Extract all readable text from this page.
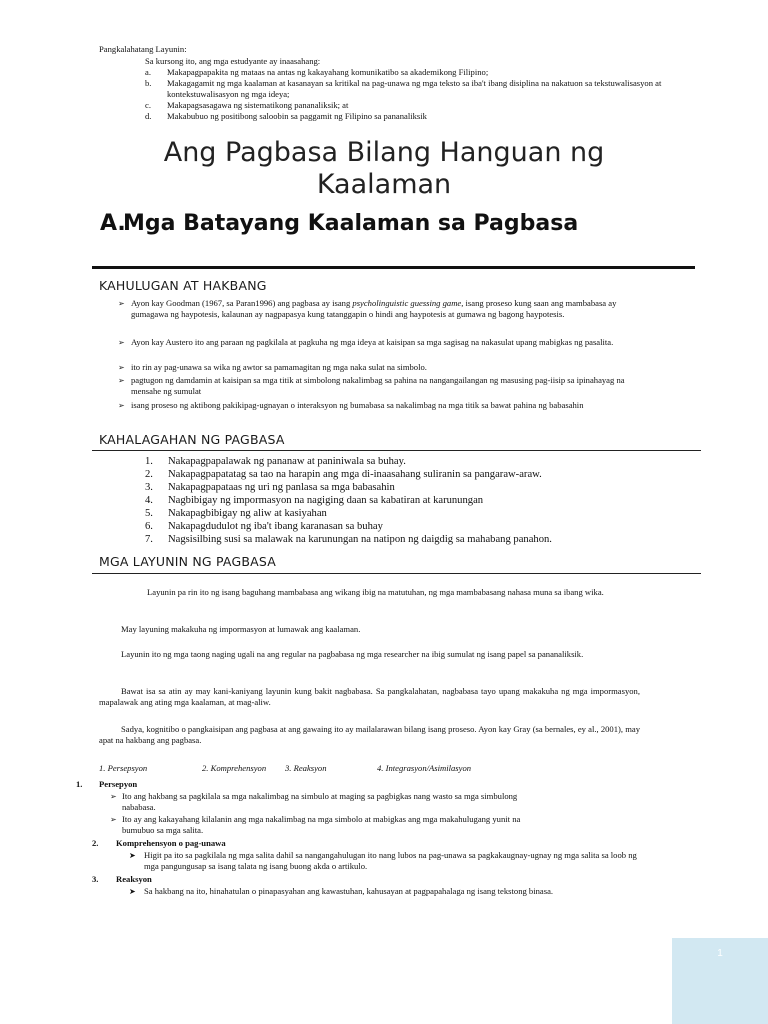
Pangkalahatang Layunin:
Sa kursong ito, ang mga estudyante ay inaasahang:
a. Makapagpapakita ng mataas na antas ng kakayahang komunikatibo sa akademikong Filipino;
b. Makagagamit ng mga kaalaman at kasanayan sa kritikal na pag-unawa ng mga teksto sa iba't ibang disiplina na nakatuon sa tekstuwalisasyon at kontekstuwalisasyon ng mga ideya;
c. Makapagsasagawa ng sistematikong pananaliksik; at
d. Makabubuo ng positibong saloobin sa paggamit ng Filipino sa pananaliksik
Ang Pagbasa Bilang Hanguan ng Kaalaman
A.
Mga Batayang Kaalaman sa Pagbasa
KAHULUGAN AT HAKBANG
➢ Ayon kay Goodman (1967, sa Paran1996) ang pagbasa ay isang psycholinguistic guessing game, isang proseso kung saan ang mambabasa ay gumagawa ng haypotesis, kalaunan ay nagpapasya kung tatanggapin o hindi ang haypotesis at gumawa ng bagong haypotesis.
➢ Ayon kay Austero ito ang paraan ng pagkilala at pagkuha ng mga ideya at kaisipan sa mga sagisag na nakasulat upang mabigkas ng pasalita.
➢ ito rin ay pag-unawa sa wika ng awtor sa pamamagitan ng mga naka sulat na simbolo.
➢ pagtugon ng damdamin at kaisipan sa mga titik at simbolong nakalimbag sa pahina na nangangailangan ng masusing pag-iisip sa ipinahayag na mensahe ng sumulat
➢ isang proseso ng aktibong pakikipag-ugnayan o interaksyon ng bumabasa sa nakalimbag na mga titik sa bawat pahina ng babasahin
KAHALAGAHAN NG PAGBASA
1. Nakapagpapalawak ng pananaw at paniniwala sa buhay.
2. Nakapagpapatatag sa tao na harapin ang mga di-inaasahang suliranin sa pangaraw-araw.
3. Nakapagpapataas ng uri ng panlasa sa mga babasahin
4. Nagbibigay ng impormasyon na nagiging daan sa kabatiran at karunungan
5. Nakapagbibigay ng aliw at kasiyahan
6. Nakapagdudulot ng iba't ibang karanasan sa buhay
7. Nagsisilbing susi sa malawak na karunungan na natipon ng daigdig sa mahabang panahon.
MGA LAYUNIN NG PAGBASA
Layunin pa rin ito ng isang baguhang mambabasa ang wikang ibig na matutuhan, ng mga mambabasang nahasa muna sa ibang wika.
May layuning makakuha ng impormasyon at lumawak ang kaalaman.
Layunin ito ng mga taong naging ugali na ang regular na pagbabasa ng mga researcher na ibig sumulat ng isang papel sa pananaliksik.
Bawat isa sa atin ay may kani-kaniyang layunin kung bakit nagbabasa. Sa pangkalahatan, nagbabasa tayo upang makakuha ng mga impormasyon, mapalawak ang ating mga kaalaman, at mag-aliw.
Sadya, kognitibo o pangkaisipan ang pagbasa at ang gawaing ito ay mailalarawan bilang isang proseso. Ayon kay Gray (sa bernales, ey al., 2001), may apat na hakbang ang pagbasa.
1. Persepsyon	2. Komprehensyon 3. Reaksyon	4. Integrasyon/Asimilasyon
1. Persepyon
➢ Ito ang hakbang sa pagkilala sa mga nakalimbag na simbulo at maging sa pagbigkas nang wasto sa mga simbulong nababasa.
➢ Ito ay ang kakayahang kilalanin ang mga nakalimbag na mga simbolo at mabigkas ang mga makahulugang yunit na bumubuo sa mga salita.
2. Komprehensyon o pag-unawa
➤ Higit pa ito sa pagkilala ng mga salita dahil sa nangangahulugan ito nang lubos na pag-unawa sa pagkakaugnay-ugnay ng mga salita sa loob ng mga pangungusap sa isang talata ng isang buong akda o artikulo.
3. Reaksyon
➤ Sa hakbang na ito, hinahatulan o pinapasyahan ang kawastuhan, kahusayan at pagpapahalaga ng isang tekstong binasa.
1
